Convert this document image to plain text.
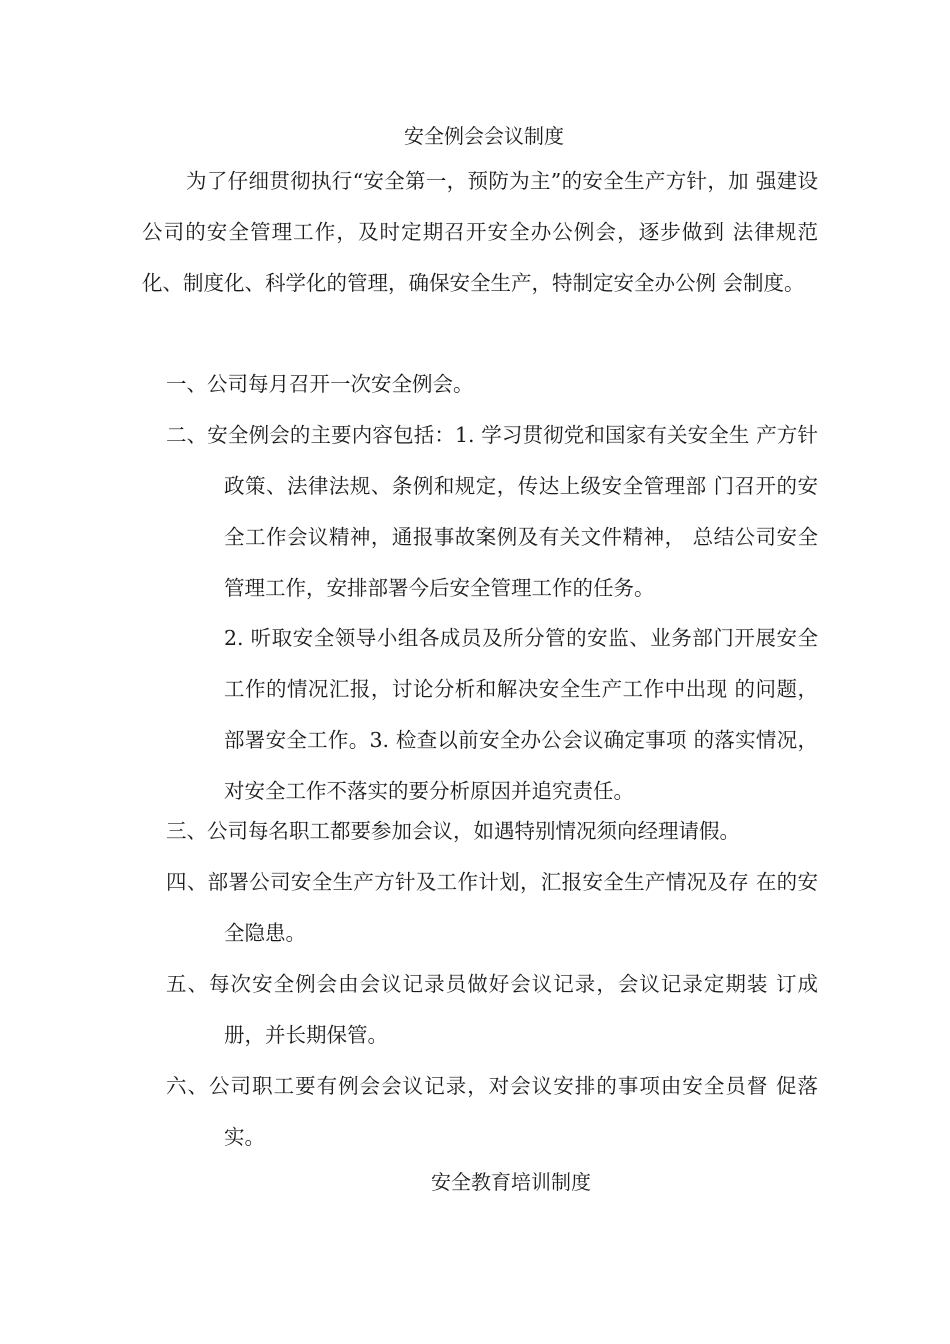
安全例会会议制度
为了仔细贯彻执行“安全第一，预防为主”的安全生产方针，加 强建设公司的安全管理工作，及时定期召开安全办公例会，逐步做到 法律规范化、制度化、科学化的管理，确保安全生产，特制定安全办公例 会制度。
一、公司每月召开一次安全例会。
二、安全例会的主要内容包括：1. 学习贯彻党和国家有关安全生 产方针政策、法律法规、条例和规定，传达上级安全管理部 门召开的安全工作会议精神，通报事故案例及有关文件精神， 总结公司安全管理工作，安排部署今后安全管理工作的任务。
2. 听取安全领导小组各成员及所分管的安监、业务部门开展安全工作的情况汇报，讨论分析和解决安全生产工作中出现 的问题，部署安全工作。3. 检查以前安全办公会议确定事项 的落实情况，对安全工作不落实的要分析原因并追究责任。
三、公司每名职工都要参加会议，如遇特别情况须向经理请假。
四、部署公司安全生产方针及工作计划，汇报安全生产情况及存 在的安全隐患。
五、每次安全例会由会议记录员做好会议记录，会议记录定期装 订成册，并长期保管。
六、公司职工要有例会会议记录，对会议安排的事项由安全员督 促落实。
安全教育培训制度
